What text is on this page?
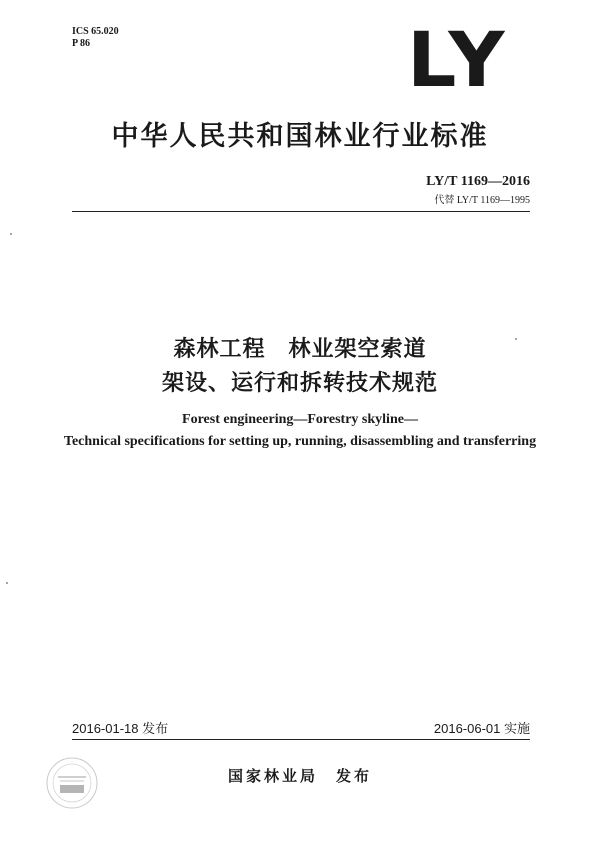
ICS 65.020
P 86	LY
中华人民共和国林业行业标准
LY/T 1169—2016
代替 LY/T 1169—1995
森林工程　林业架空索道
架设、运行和拆转技术规范
Forest engineering—Forestry skyline—
Technical specifications for setting up, running, disassembling and transferring
2016-01-18 发布	2016-06-01 实施
国家林业局　发布
